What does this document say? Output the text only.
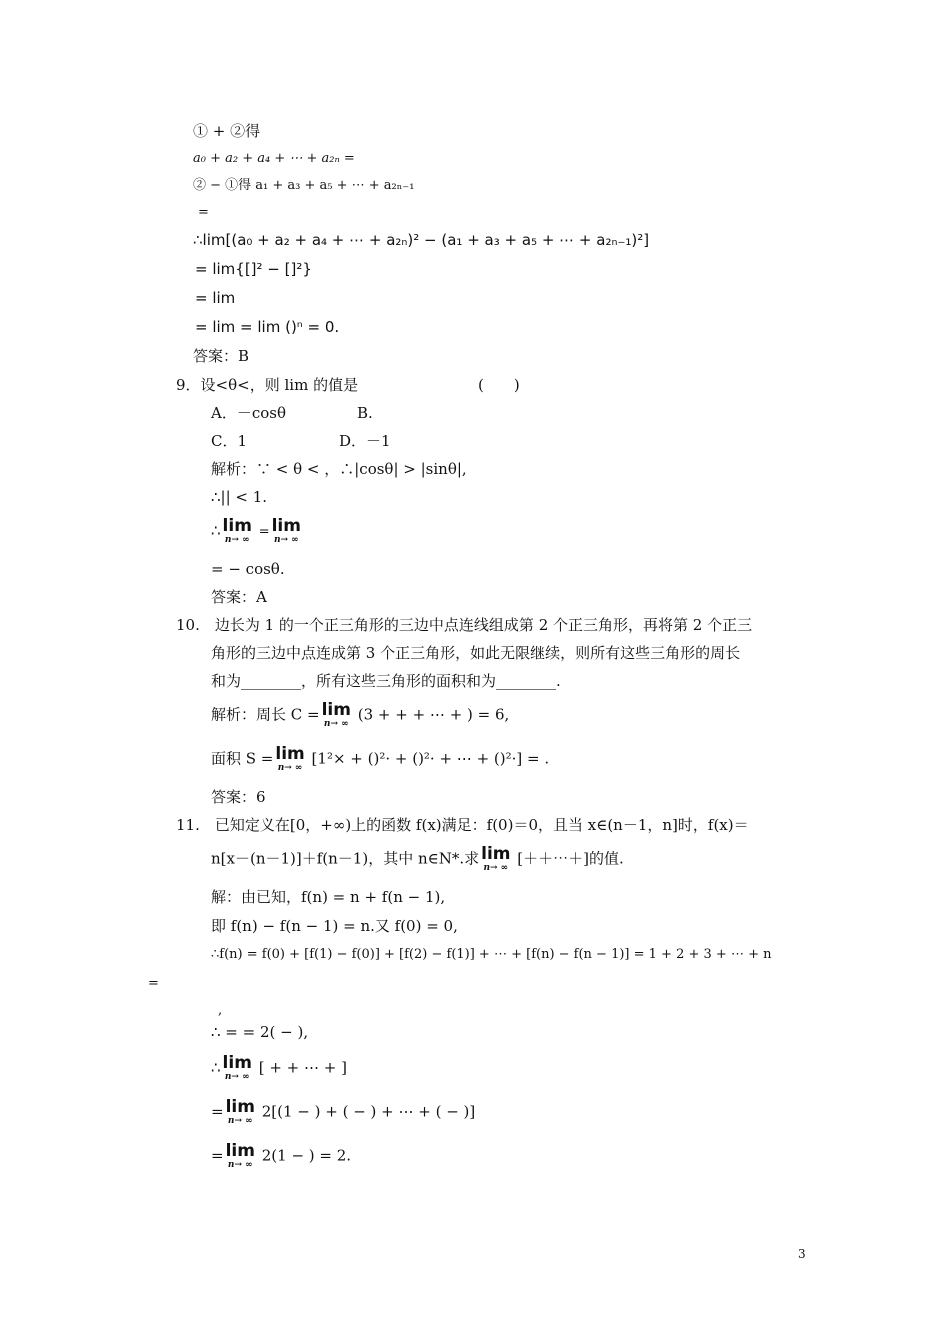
① + ②得
a₀ + a₂ + a₄ + ⋯ + a₂ₙ =
② − ①得 a₁ + a₃ + a₅ + ⋯ + a₂ₙ₋₁
=
∴lim[(a₀ + a₂ + a₄ + ⋯ + a₂ₙ)² − (a₁ + a₃ + a₅ + ⋯ + a₂ₙ₋₁)²]
= lim{[]² − []²}
= lim
= lim = lim ()ⁿ = 0.
答案：B
9．设<θ<，则 lim 的值是	(　　)
A．－cosθ	B.
C．1	D．－1
解析：∵ < θ < ，∴|cosθ| > |sinθ|,
∴|| < 1.
∴ lim
n→ ∞
= lim
n→ ∞
= − cosθ.
答案：A
10.　边长为 1 的一个正三角形的三边中点连线组成第 2 个正三角形，再将第 2 个正三
角形的三边中点连成第 3 个正三角形，如此无限继续，则所有这些三角形的周长
和为________，所有这些三角形的面积和为________.
解析：周长 C = lim
n→ ∞
(3 + + + ⋯ + ) = 6,
面积 S = lim
n→ ∞
[1²× + ()²· + ()²· + ⋯ + ()²·] = .
答案：6
11.　已知定义在[0，+∞)上的函数 f(x)满足：f(0)＝0，且当 x∈(n－1，n]时，f(x)＝
n[x－(n－1)]＋f(n－1)，其中 n∈N*.求 lim
n→ ∞
[＋＋⋯＋]的值.
解：由已知，f(n) = n + f(n − 1),
即 f(n) − f(n − 1) = n.又 f(0) = 0,
∴f(n) = f(0) + [f(1) − f(0)] + [f(2) − f(1)] + ⋯ + [f(n) − f(n − 1)] = 1 + 2 + 3 + ⋯ + n
=
,
∴ = = 2( − ),
∴ lim
n→ ∞
[ + + ⋯ + ]
= lim
n→ ∞
2[(1 − ) + ( − ) + ⋯ + ( − )]
= lim
n→ ∞
2(1 − ) = 2.
3
